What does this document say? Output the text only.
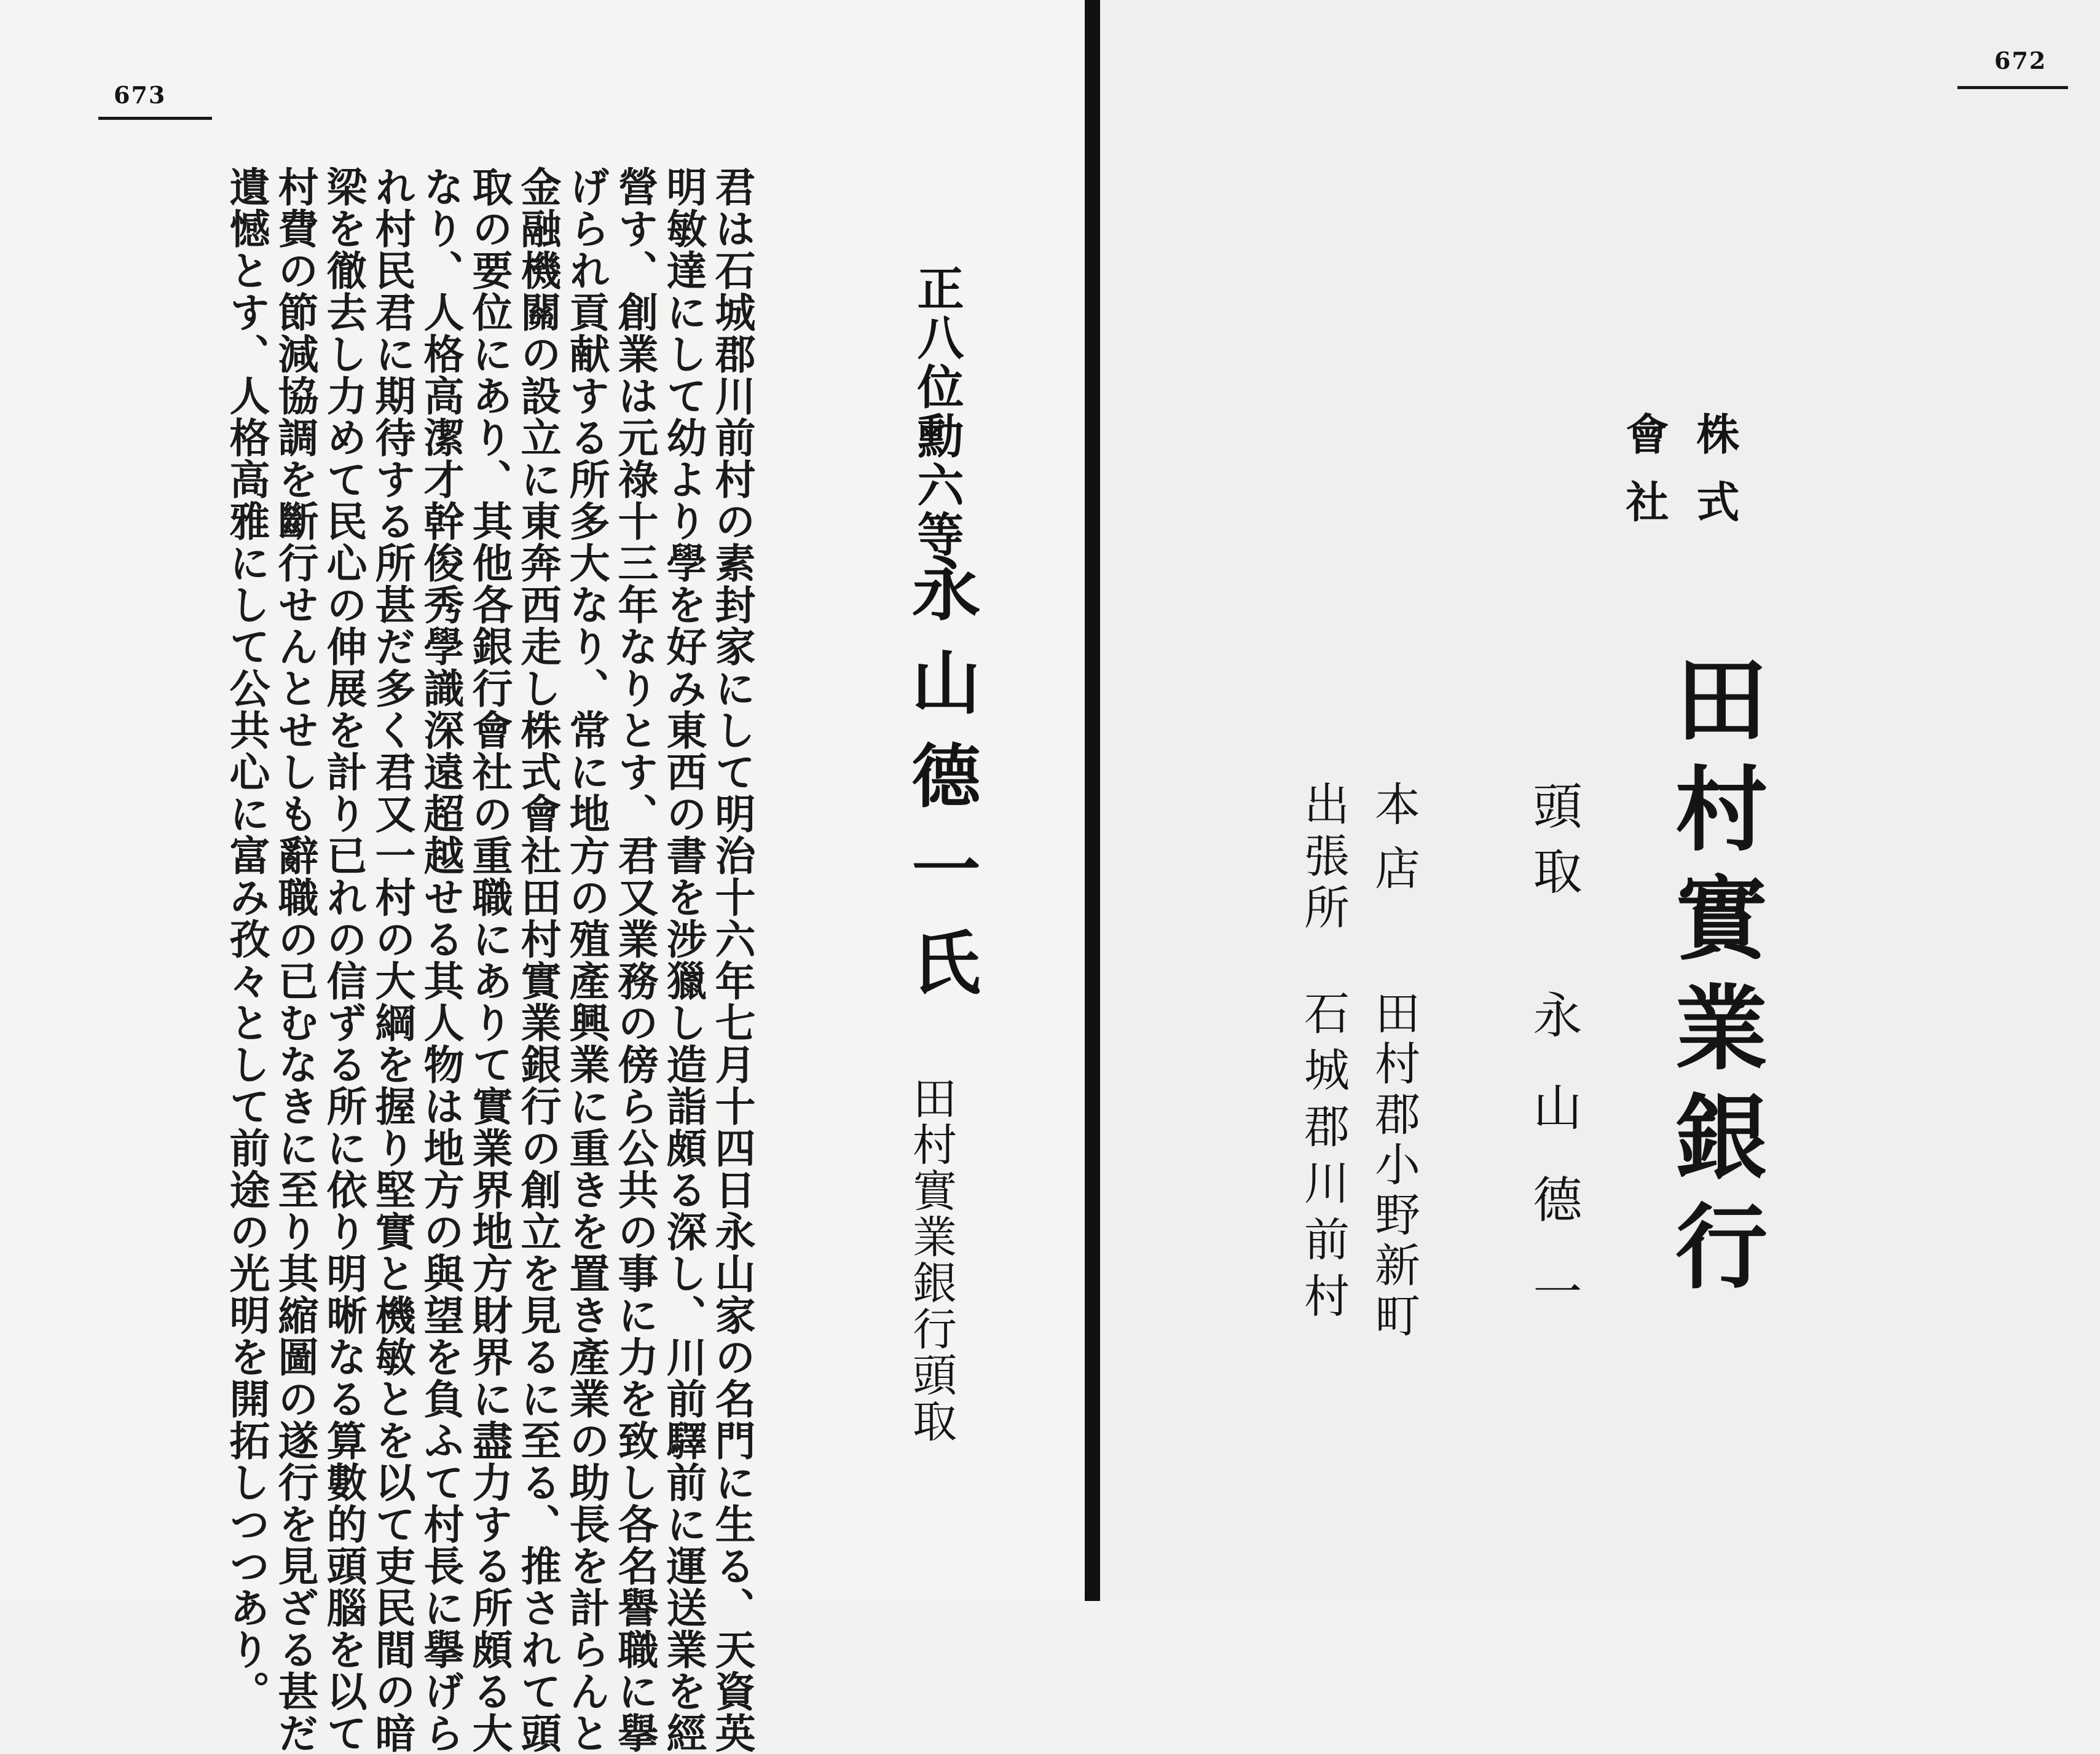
673
君は石城郡川前村の素封家にして明治十六年七月十四日永山家の名門に生る、天資英
明敏達にして幼より學を好み東西の書を涉獵し造詣頗る深し、川前驛前に運送業を經
營す、創業は元祿十三年なりとす、君又業務の傍ら公共の事に力を致し各名譽職に擧
げられ貢献する所多大なり、常に地方の殖產興業に重きを置き產業の助長を計らんと
金融機關の設立に東奔西走し株式會社田村實業銀行の創立を見るに至る、推されて頭
取の要位にあり、其他各銀行會社の重職にありて實業界地方財界に盡力する所頗る大
なり、人格高潔才幹俊秀學識深遠超越せる其人物は地方の與望を負ふて村長に擧げら
れ村民君に期待する所甚だ多く君又一村の大綱を握り堅實と機敏とを以て吏民間の暗
梁を徹去し力めて民心の伸展を計り已れの信ずる所に依り明晰なる算數的頭腦を以て
村費の節減協調を斷行せんとせしも辭職の已むなきに至り其縮圖の遂行を見ざる甚だ
遺憾とす、人格高雅にして公共心に富み孜々として前途の光明を開拓しつつあり。	正八位勳六等
永山德一氏
田村實業銀行頭取
672
株式
會社
田村實業銀行
頭取
永山德一
本店
田村郡小野新町
出張所
石城郡川前村
